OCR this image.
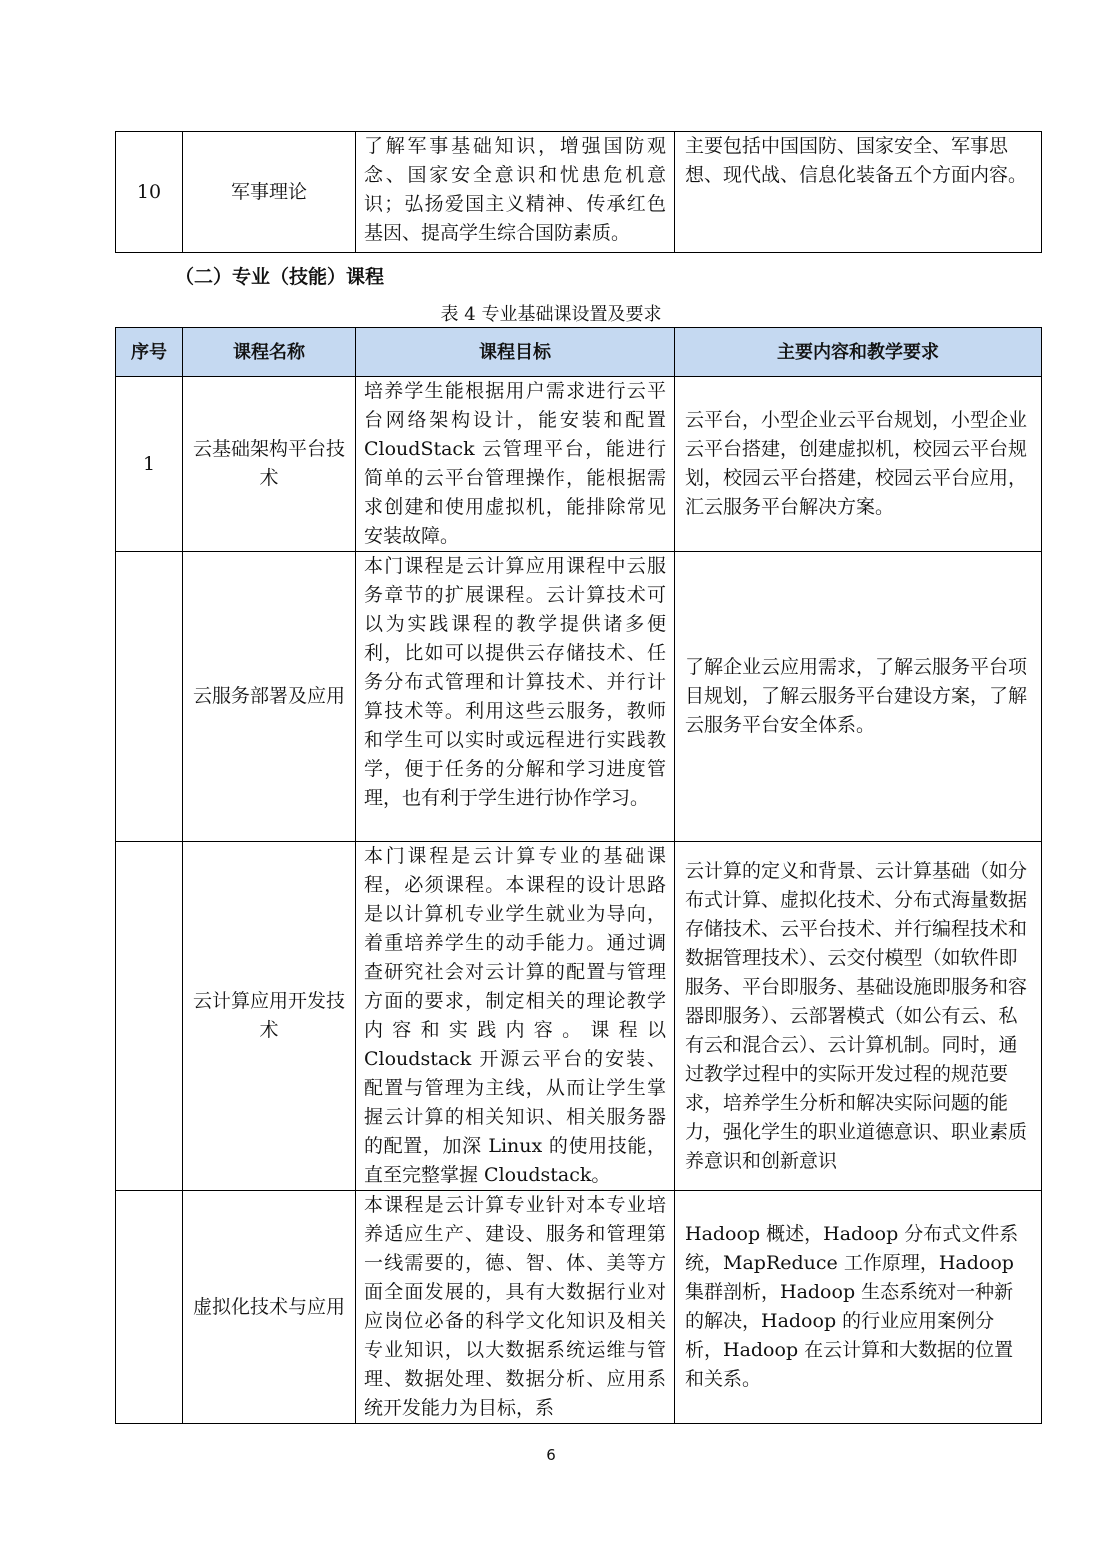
10	军事理论	了解军事基础知识，增强国防观念、国家安全意识和忧患危机意识；弘扬爱国主义精神、传承红色基因、提高学生综合国防素质。	主要包括中国国防、国家安全、军事思想、现代战、信息化装备五个方面内容。
（二）专业（技能）课程
表 4 专业基础课设置及要求
序号	课程名称	课程目标	主要内容和教学要求
1	云基础架构平台技术	培养学生能根据用户需求进行云平台网络架构设计，能安装和配置 CloudStack 云管理平台，能进行简单的云平台管理操作，能根据需求创建和使用虚拟机，能排除常见安装故障。	云平台，小型企业云平台规划，小型企业云平台搭建，创建虚拟机，校园云平台规划，校园云平台搭建，校园云平台应用，汇云服务平台解决方案。
	云服务部署及应用	本门课程是云计算应用课程中云服务章节的扩展课程。云计算技术可以为实践课程的教学提供诸多便利，比如可以提供云存储技术、任务分布式管理和计算技术、并行计算技术等。利用这些云服务，教师和学生可以实时或远程进行实践教学，便于任务的分解和学习进度管理，也有利于学生进行协作学习。	了解企业云应用需求，了解云服务平台项目规划，了解云服务平台建设方案，了解云服务平台安全体系。
	云计算应用开发技术	本门课程是云计算专业的基础课程，必须课程。本课程的设计思路是以计算机专业学生就业为导向，着重培养学生的动手能力。通过调查研究社会对云计算的配置与管理方面的要求，制定相关的理论教学内容和实践内容。课程以 Cloudstack 开源云平台的安装、配置与管理为主线，从而让学生掌握云计算的相关知识、相关服务器的配置，加深 Linux 的使用技能，直至完整掌握 Cloudstack。	云计算的定义和背景、云计算基础（如分布式计算、虚拟化技术、分布式海量数据存储技术、云平台技术、并行编程技术和数据管理技术）、云交付模型（如软件即服务、平台即服务、基础设施即服务和容器即服务）、云部署模式（如公有云、私有云和混合云）、云计算机制。同时，通过教学过程中的实际开发过程的规范要求，培养学生分析和解决实际问题的能力，强化学生的职业道德意识、职业素质养意识和创新意识
	虚拟化技术与应用	本课程是云计算专业针对本专业培养适应生产、建设、服务和管理第一线需要的，德、智、体、美等方面全面发展的，具有大数据行业对应岗位必备的科学文化知识及相关专业知识，以大数据系统运维与管理、数据处理、数据分析、应用系统开发能力为目标，系	Hadoop 概述，Hadoop 分布式文件系统，MapReduce 工作原理，Hadoop 集群剖析，Hadoop 生态系统对一种新的解决，Hadoop 的行业应用案例分析，Hadoop 在云计算和大数据的位置和关系。
6
